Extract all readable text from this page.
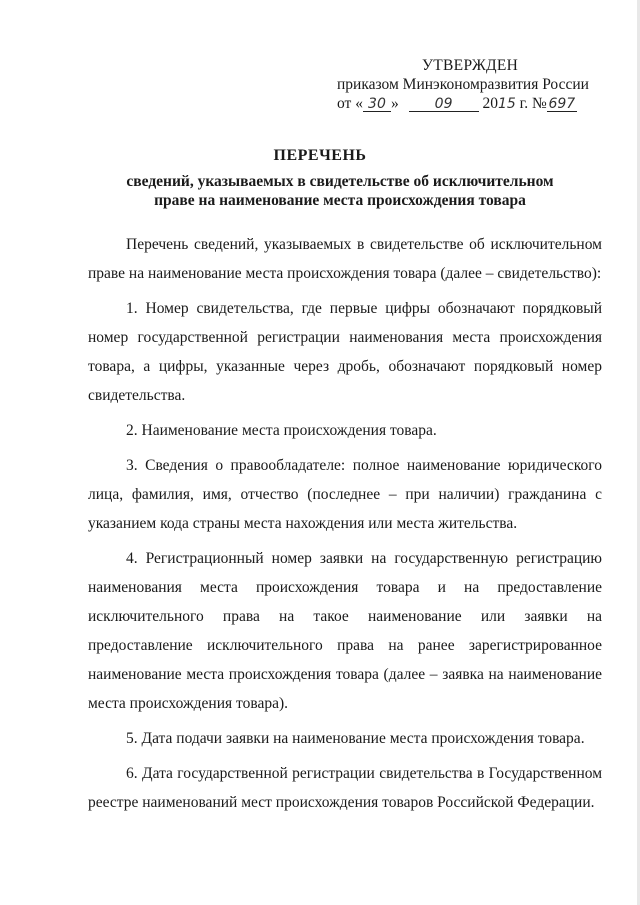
УТВЕРЖДЕН
приказом Минэкономразвития России
от « 30 »	09 2015 г. № 697
ПЕРЕЧЕНЬ
сведений, указываемых в свидетельстве об исключительном
праве на наименование места происхождения товара

Перечень сведений, указываемых в свидетельстве об исключительном праве на наименование места происхождения товара (далее – свидетельство):

1. Номер свидетельства, где первые цифры обозначают порядковый номер государственной регистрации наименования места происхождения товара, а цифры, указанные через дробь, обозначают порядковый номер свидетельства.

2. Наименование места происхождения товара.

3. Сведения о правообладателе: полное наименование юридического лица, фамилия, имя, отчество (последнее – при наличии) гражданина с указанием кода страны места нахождения или места жительства.

4. Регистрационный номер заявки на государственную регистрацию наименования места происхождения товара и на предоставление исключительного права на такое наименование или заявки на предоставление исключительного права на ранее зарегистрированное наименование места происхождения товара (далее – заявка на наименование места происхождения товара).

5. Дата подачи заявки на наименование места происхождения товара.

6. Дата государственной регистрации свидетельства в Государственном реестре наименований мест происхождения товаров Российской Федерации.
